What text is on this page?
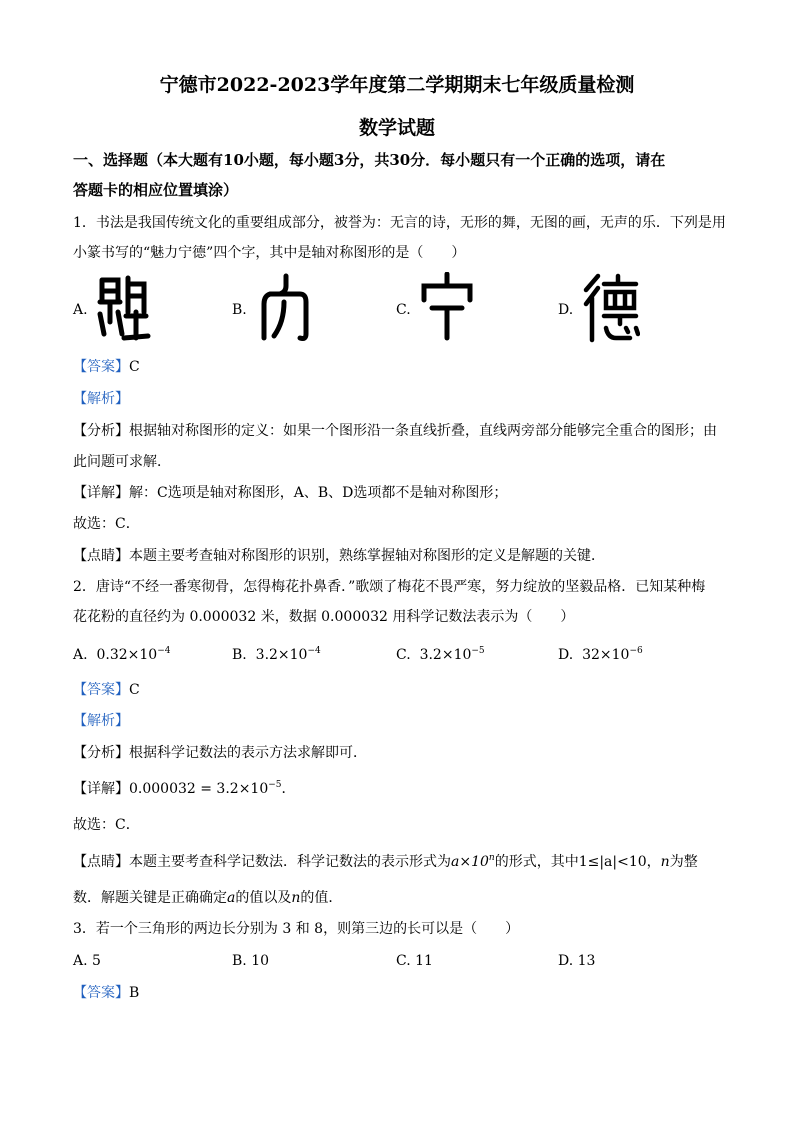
宁德市2022-2023学年度第二学期期末七年级质量检测
数学试题
一、选择题（本大题有10小题，每小题3分，共30分．每小题只有一个正确的选项，请在
答题卡的相应位置填涂）
1．书法是我国传统文化的重要组成部分，被誉为：无言的诗，无形的舞，无图的画，无声的乐．下列是用
小篆书写的“魅力宁德”四个字，其中是轴对称图形的是（　　）
A.	B.	C.	D.
【答案】C
【解析】
【分析】根据轴对称图形的定义：如果一个图形沿一条直线折叠，直线两旁部分能够完全重合的图形；由
此问题可求解．
【详解】解：C选项是轴对称图形，A、B、D选项都不是轴对称图形；
故选：C．
【点睛】本题主要考查轴对称图形的识别，熟练掌握轴对称图形的定义是解题的关键．
2．唐诗“不经一番寒彻骨，怎得梅花扑鼻香．”歌颂了梅花不畏严寒，努力绽放的坚毅品格．已知某种梅
花花粉的直径约为 0.000032 米，数据 0.000032 用科学记数法表示为（　　）
A. $0.32\times 10^{-4}$	B. $3.2\times 10^{-4}$	C. $3.2\times 10^{-5}$	D. $32\times 10^{-6}$
【答案】C
【解析】
【分析】根据科学记数法的表示方法求解即可．
【详解】$0.000032 = 3.2\times 10^{-5}$．
故选：C．
【点睛】本题主要考查科学记数法．科学记数法的表示形式为$a\times 10^n$的形式，其中1≤|a|<10，n为整
数．解题关键是正确确定a的值以及n的值．
3．若一个三角形的两边长分别为 3 和 8，则第三边的长可以是（　　）
A. 5	B. 10	C. 11	D. 13
【答案】B
